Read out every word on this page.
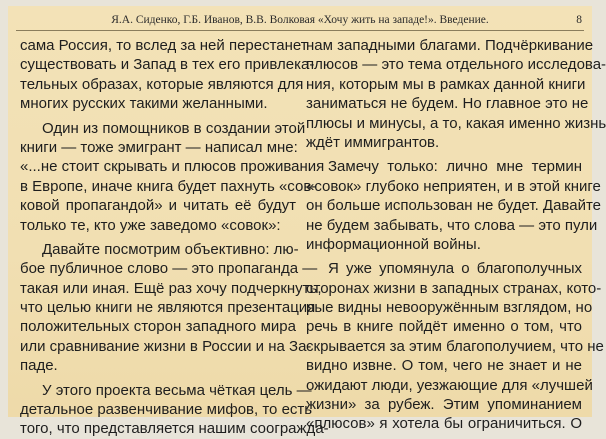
Я.А. Сиденко, Г.Б. Иванов, В.В. Волковая «Хочу жить на западе!». Введение.	8
сама Россия, то вслед за ней перестанет
существовать и Запад в тех его привлека-
тельных образах, которые являются для
многих русских такими желанными.
Один из помощников в создании этой
книги — тоже эмигрант — написал мне:
«...не стоит скрывать и плюсов проживания
в Европе, иначе книга будет пахнуть «сов-
ковой пропагандой» и читать её будут
только те, кто уже заведомо «совок»:
Давайте посмотрим объективно: лю-
бое публичное слово — это пропаганда —
такая или иная. Ещё раз хочу подчеркнуть,
что целью книги не являются презентация
положительных сторон западного мира
или сравнивание жизни в России и на За-
паде.
У этого проекта весьма чёткая цель —
детальное развенчивание мифов, то есть
того, что представляется нашим соограждa-
нам западными благами. Подчёркивание
плюсов — это тема отдельного исследова-
ния, которым мы в рамках данной книги
заниматься не будем. Но главное это не
плюсы и минусы, а то, какая именно жизнь
ждёт иммигрантов.
Замечу только: лично мне термин
«совок» глубоко неприятен, и в этой книге
он больше использован не будет. Давайте
не будем забывать, что слова — это пули
информационной войны.
Я уже упомянула о благополучных
сторонах жизни в западных странах, кото-
рые видны невооружённым взглядом, но
речь в книге пойдёт именно о том, что
скрывается за этим благополучием, что не
видно извне. О том, чего не знает и не
ожидают люди, уезжающие для «лучшей
жизни» за рубеж. Этим упоминанием
«плюсов» я хотела бы ограничиться. О
